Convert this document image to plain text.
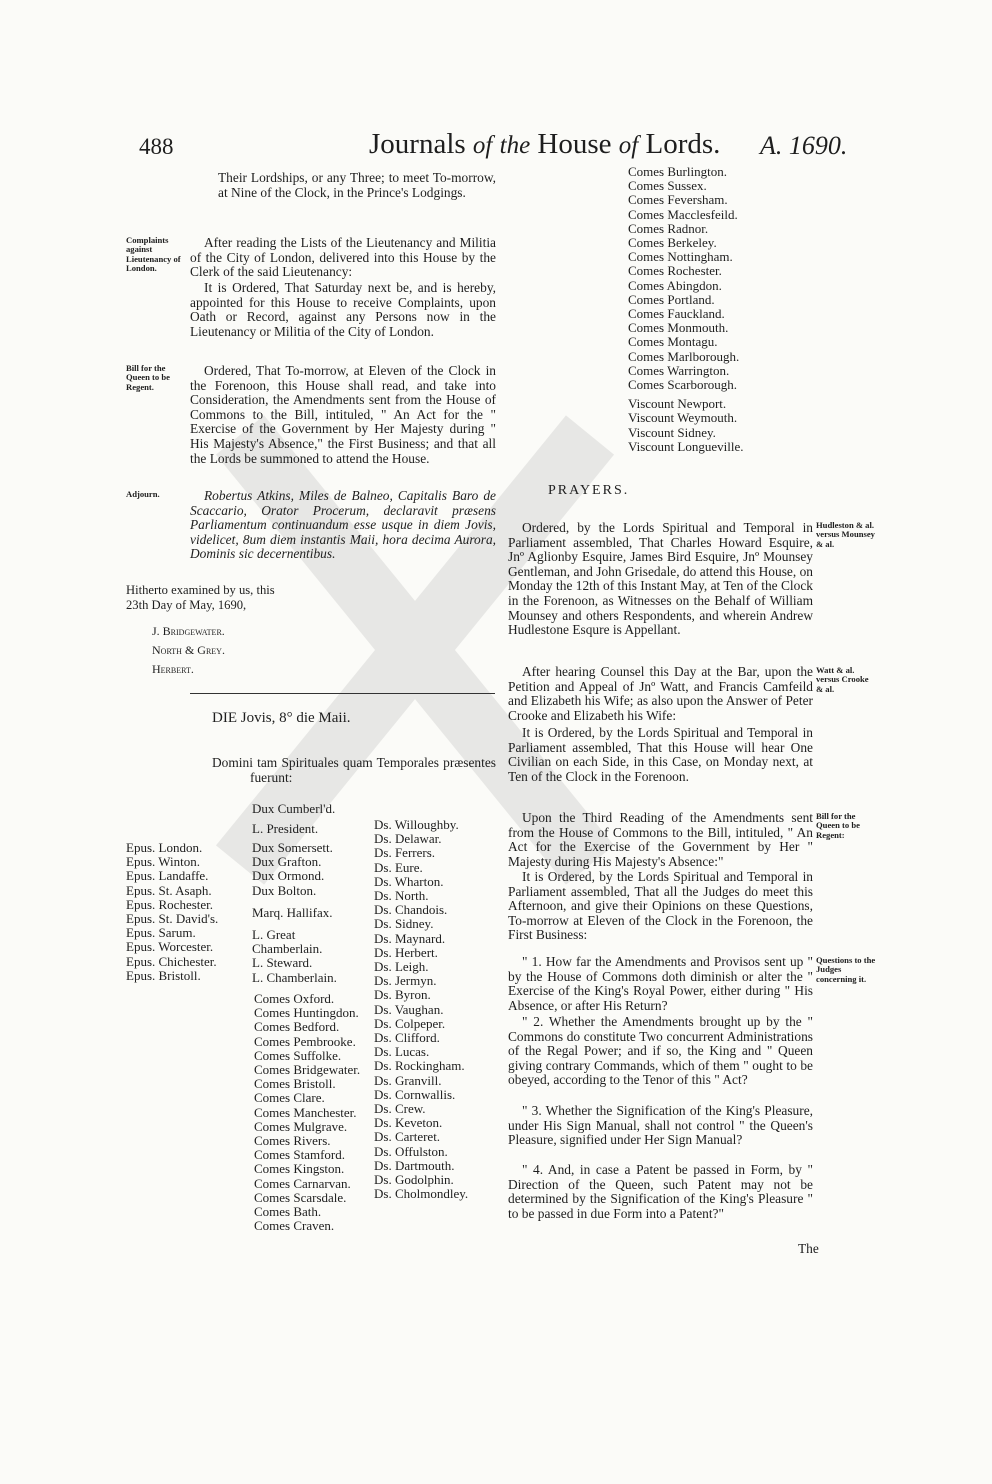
488	Journals of the House of Lords. A. 1690.

Their Lordships, or any Three; to meet To-morrow, at Nine of the Clock, in the Prince's Lodgings.

Complaints against Lieutenancy of London.

After reading the Lists of the Lieutenancy and Militia of the City of London, delivered into this House by the Clerk of the said Lieutenancy:

It is Ordered, That Saturday next be, and is hereby, appointed for this House to receive Complaints, upon Oath or Record, against any Persons now in the Lieutenancy or Militia of the City of London.

Bill for the Queen to be Regent.

Ordered, That To-morrow, at Eleven of the Clock in the Forenoon, this House shall read, and take into Consideration, the Amendments sent from the House of Commons to the Bill, intituled, " An Act for the " Exercise of the Government by Her Majesty during " His Majesty's Absence," the First Business; and that all the Lords be summoned to attend the House.

Adjourn.	Robertus Atkins, Miles de Balneo, Capitalis Baro de Scaccario, Orator Procerum, declaravit præsens Parliamentum continuandum esse usque in diem Jovis, videlicet, 8um diem instantis Maii, hora decima Aurora, Dominis sic decernentibus.

Hitherto examined by us, this 23th Day of May, 1690,

J. Bridgewater.
North & Grey.
Herbert.
DIE Jovis, 8° die Maii.

Domini tam Spirituales quam Temporales præsentes fuerunt:

Epus. London.
Epus. Winton.
Epus. Landaffe.
Epus. St. Asaph.
Epus. Rochester.
Epus. St. David's.
Epus. Sarum.
Epus. Worcester.
Epus. Chichester.
Epus. Bristoll.
Dux Cumberl'd.
L. President.
Dux Somersett.
Dux Grafton.
Dux Ormond.
Dux Bolton.
Marq. Hallifax.
L. Great Chamberlain.
L. Steward.
L. Chamberlain.
Comes Oxford.
Comes Huntingdon.
Comes Bedford.
Comes Pembrooke.
Comes Suffolke.
Comes Bridgewater.
Comes Bristoll.
Comes Clare.
Comes Manchester.
Comes Mulgrave.
Comes Rivers.
Comes Stamford.
Comes Kingston.
Comes Carnarvan.
Comes Scarsdale.
Comes Bath.
Comes Craven.
Ds. Willoughby.
Ds. Delawar.
Ds. Ferrers.
Ds. Eure.
Ds. Wharton.
Ds. North.
Ds. Chandois.
Ds. Sidney.
Ds. Maynard.
Ds. Herbert.
Ds. Leigh.
Ds. Jermyn.
Ds. Byron.
Ds. Vaughan.
Ds. Colpeper.
Ds. Clifford.
Ds. Lucas.
Ds. Rockingham.
Ds. Granvill.
Ds. Cornwallis.
Ds. Crew.
Ds. Keveton.
Ds. Carteret.
Ds. Offulston.
Ds. Dartmouth.
Ds. Godolphin.
Ds. Cholmondley.
Comes Burlington.
Comes Sussex.
Comes Feversham.
Comes Macclesfeild.
Comes Radnor.
Comes Berkeley.
Comes Nottingham.
Comes Rochester.
Comes Abingdon.
Comes Portland.
Comes Fauckland.
Comes Monmouth.
Comes Montagu.
Comes Marlborough.
Comes Warrington.
Comes Scarborough.
Viscount Newport.
Viscount Weymouth.
Viscount Sidney.
Viscount Longueville.
PRAYERS.

Ordered, by the Lords Spiritual and Temporal in Parliament assembled, That Charles Howard Esquire, Jnº Aglionby Esquire, James Bird Esquire, Jnº Mounsey Gentleman, and John Grisedale, do attend this House, on Monday the 12th of this Instant May, at Ten of the Clock in the Forenoon, as Witnesses on the Behalf of William Mounsey and others Respondents, and wherein Andrew Hudlestone Esqure is Appellant.

Hudleston & al. versus Mounsey & al.

After hearing Counsel this Day at the Bar, upon the Petition and Appeal of Jnº Watt, and Francis Camfeild and Elizabeth his Wife; as also upon the Answer of Peter Crooke and Elizabeth his Wife:

Watt & al. versus Crooke & al.

It is Ordered, by the Lords Spiritual and Temporal in Parliament assembled, That this House will hear One Civilian on each Side, in this Case, on Monday next, at Ten of the Clock in the Forenoon.

Upon the Third Reading of the Amendments sent from the House of Commons to the Bill, intituled, " An Act for the Exercise of the Government by Her " Majesty during His Majesty's Absence:"

Bill for the Queen to be Regent:

It is Ordered, by the Lords Spiritual and Temporal in Parliament assembled, That all the Judges do meet this Afternoon, and give their Opinions on these Questions, To-morrow at Eleven of the Clock in the Forenoon, the First Business:

" 1. How far the Amendments and Provisos sent up " by the House of Commons doth diminish or alter the " Exercise of the King's Royal Power, either during " His Absence, or after His Return?

Questions to the Judges concerning it.

" 2. Whether the Amendments brought up by the " Commons do constitute Two concurrent Administrations of the Regal Power; and if so, the King and " Queen giving contrary Commands, which of them " ought to be obeyed, according to the Tenor of this " Act?

" 3. Whether the Signification of the King's Pleasure, under His Sign Manual, shall not control " the Queen's Pleasure, signified under Her Sign Manual?

" 4. And, in case a Patent be passed in Form, by " Direction of the Queen, such Patent may not be determined by the Signification of the King's Pleasure " to be passed in due Form into a Patent?"

The
